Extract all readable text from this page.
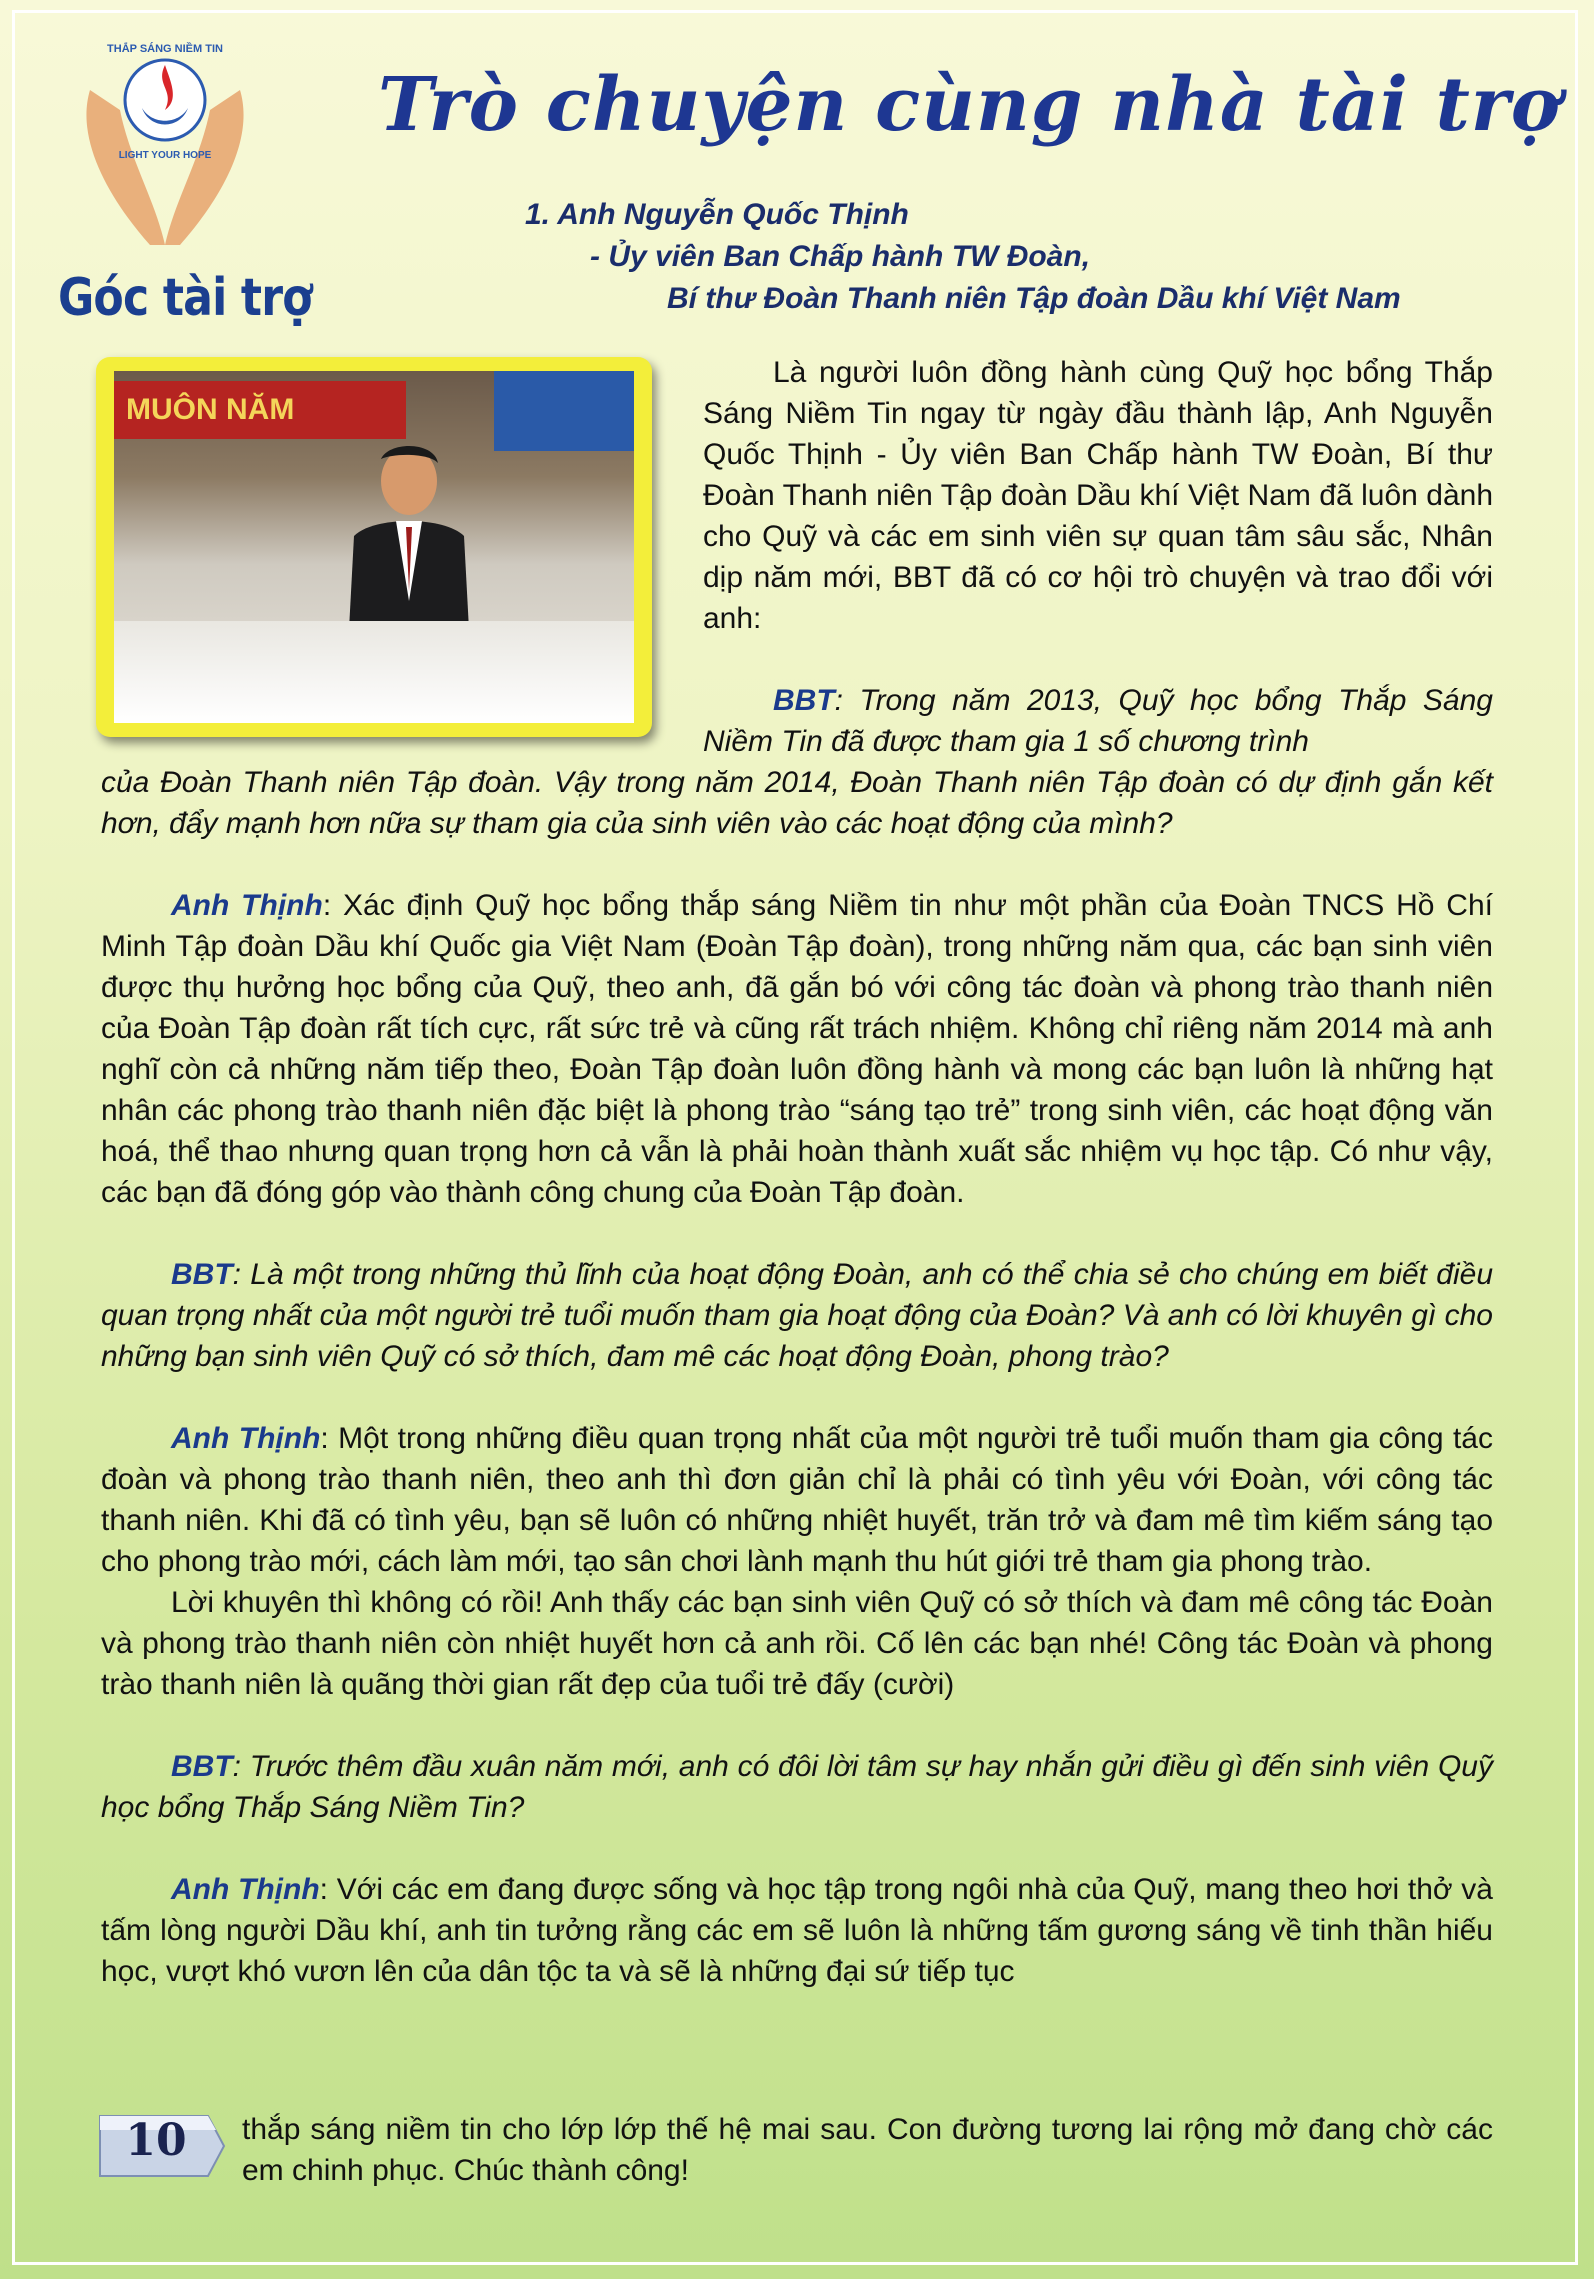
THẮP SÁNG NIỀM TIN
LIGHT YOUR HOPE
Góc tài trợ
Trò chuyện cùng nhà tài trợ
1. Anh Nguyễn Quốc Thịnh
- Ủy viên Ban Chấp hành TW Đoàn,
Bí thư Đoàn Thanh niên Tập đoàn Dầu khí Việt Nam
MUÔN NĂM

Là người luôn đồng hành cùng Quỹ học bổng Thắp Sáng Niềm Tin ngay từ ngày đầu thành lập, Anh Nguyễn Quốc Thịnh - Ủy viên Ban Chấp hành TW Đoàn, Bí thư Đoàn Thanh niên Tập đoàn Dầu khí Việt Nam đã luôn dành cho Quỹ và các em sinh viên sự quan tâm sâu sắc, Nhân dịp năm mới, BBT đã có cơ hội trò chuyện và trao đổi với anh:

BBT: Trong năm 2013, Quỹ học bổng Thắp Sáng Niềm Tin đã được tham gia 1 số chương trình

của Đoàn Thanh niên Tập đoàn. Vậy trong năm 2014, Đoàn Thanh niên Tập đoàn có dự định gắn kết hơn, đẩy mạnh hơn nữa sự tham gia của sinh viên vào các hoạt động của mình?

Anh Thịnh: Xác định Quỹ học bổng thắp sáng Niềm tin như một phần của Đoàn TNCS Hồ Chí Minh Tập đoàn Dầu khí Quốc gia Việt Nam (Đoàn Tập đoàn), trong những năm qua, các bạn sinh viên được thụ hưởng học bổng của Quỹ, theo anh, đã gắn bó với công tác đoàn và phong trào thanh niên của Đoàn Tập đoàn rất tích cực, rất sức trẻ và cũng rất trách nhiệm. Không chỉ riêng năm 2014 mà anh nghĩ còn cả những năm tiếp theo, Đoàn Tập đoàn luôn đồng hành và mong các bạn luôn là những hạt nhân các phong trào thanh niên đặc biệt là phong trào “sáng tạo trẻ” trong sinh viên, các hoạt động văn hoá, thể thao nhưng quan trọng hơn cả vẫn là phải hoàn thành xuất sắc nhiệm vụ học tập. Có như vậy, các bạn đã đóng góp vào thành công chung của Đoàn Tập đoàn.

BBT: Là một trong những thủ lĩnh của hoạt động Đoàn, anh có thể chia sẻ cho chúng em biết điều quan trọng nhất của một người trẻ tuổi muốn tham gia hoạt động của Đoàn? Và anh có lời khuyên gì cho những bạn sinh viên Quỹ có sở thích, đam mê các hoạt động Đoàn, phong trào?

Anh Thịnh: Một trong những điều quan trọng nhất của một người trẻ tuổi muốn tham gia công tác đoàn và phong trào thanh niên, theo anh thì đơn giản chỉ là phải có tình yêu với Đoàn, với công tác thanh niên. Khi đã có tình yêu, bạn sẽ luôn có những nhiệt huyết, trăn trở và đam mê tìm kiếm sáng tạo cho phong trào mới, cách làm mới, tạo sân chơi lành mạnh thu hút giới trẻ tham gia phong trào.

Lời khuyên thì không có rồi! Anh thấy các bạn sinh viên Quỹ có sở thích và đam mê công tác Đoàn và phong trào thanh niên còn nhiệt huyết hơn cả anh rồi. Cố lên các bạn nhé! Công tác Đoàn và phong trào thanh niên là quãng thời gian rất đẹp của tuổi trẻ đấy (cười)

BBT: Trước thêm đầu xuân năm mới, anh có đôi lời tâm sự hay nhắn gửi điều gì đến sinh viên Quỹ học bổng Thắp Sáng Niềm Tin?

Anh Thịnh: Với các em đang được sống và học tập trong ngôi nhà của Quỹ, mang theo hơi thở và tấm lòng người Dầu khí, anh tin tưởng rằng các em sẽ luôn là những tấm gương sáng về tinh thần hiếu học, vượt khó vươn lên của dân tộc ta và sẽ là những đại sứ tiếp tục

thắp sáng niềm tin cho lớp lớp thế hệ mai sau. Con đường tương lai rộng mở đang chờ các em chinh phục. Chúc thành công!

10
